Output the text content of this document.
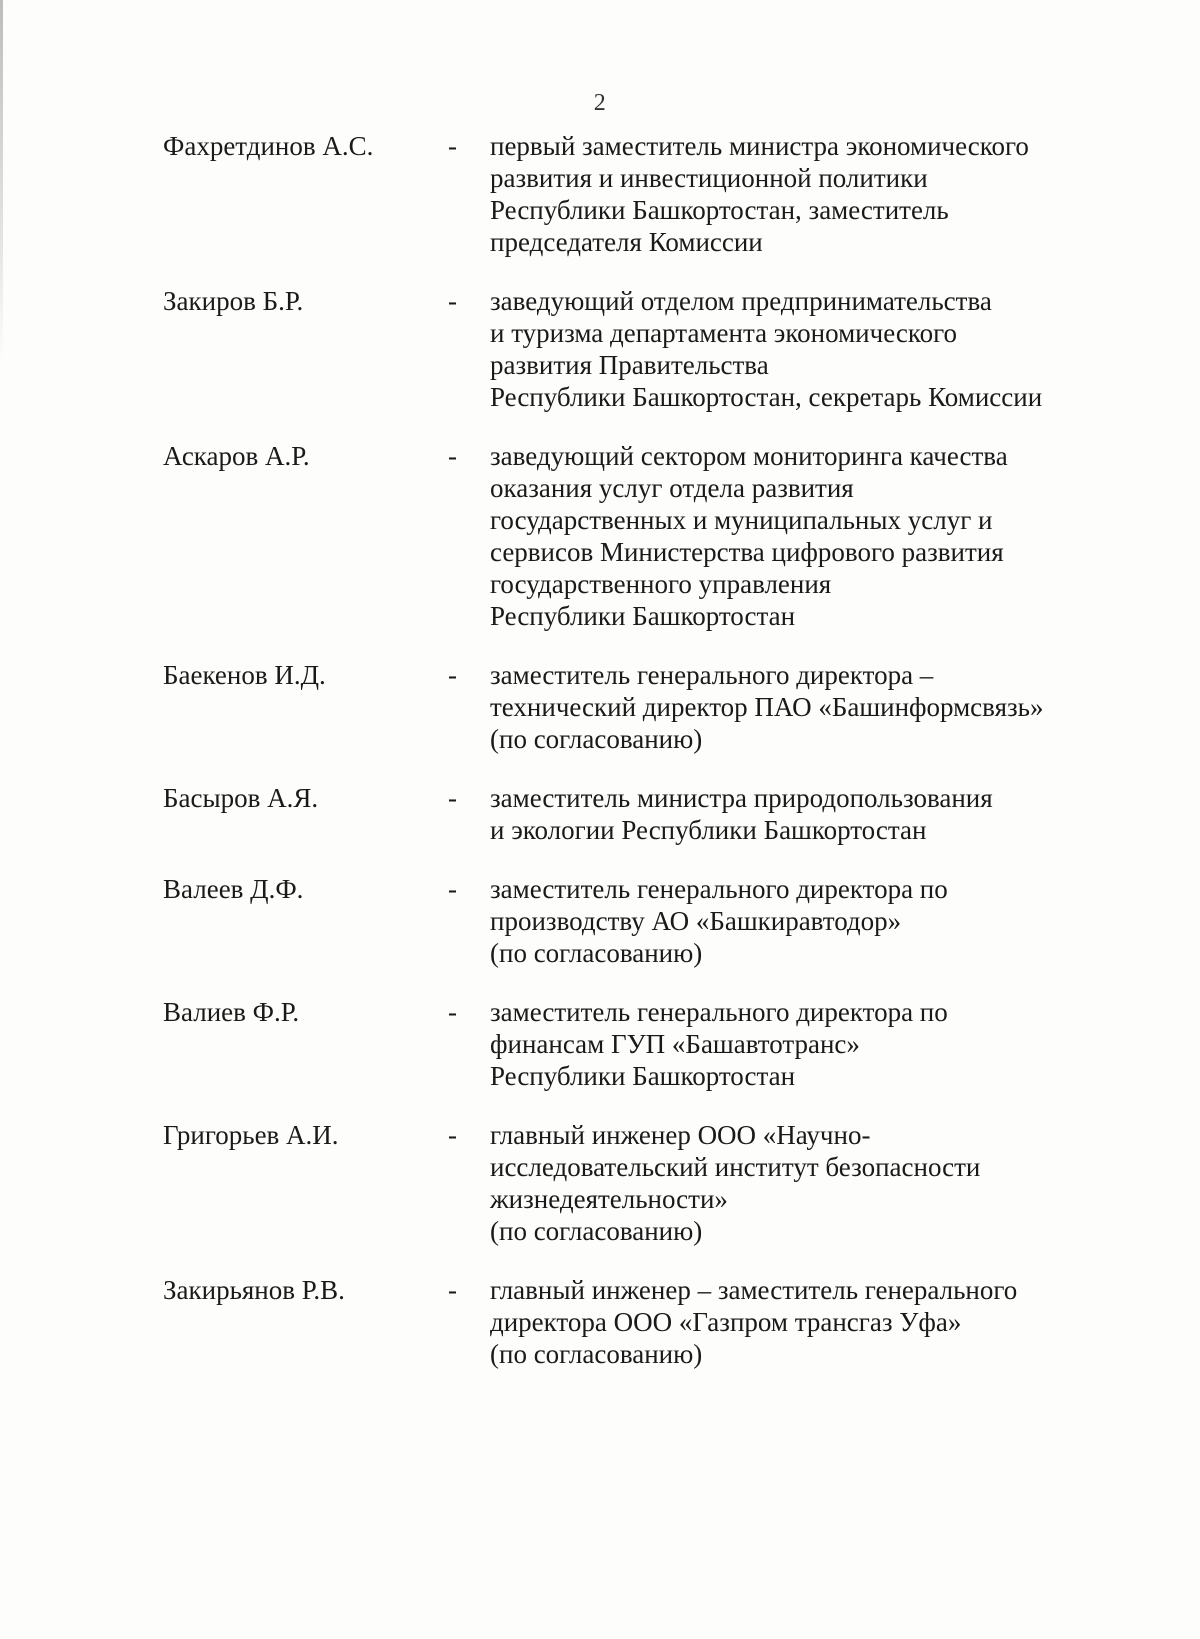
2
Фахретдинов А.С.	-	первый заместитель министра экономического
развития и инвестиционной политики
Республики Башкортостан, заместитель
председателя Комиссии
Закиров Б.Р.	-	заведующий отделом предпринимательства
и туризма департамента экономического
развития Правительства
Республики Башкортостан, секретарь Комиссии
Аскаров А.Р.	-	заведующий сектором мониторинга качества
оказания услуг отдела развития
государственных и муниципальных услуг и
сервисов Министерства цифрового развития
государственного управления
Республики Башкортостан
Баекенов И.Д.	-	заместитель генерального директора –
технический директор ПАО «Башинформсвязь»
(по согласованию)
Басыров А.Я.	-	заместитель министра природопользования
и экологии Республики Башкортостан
Валеев Д.Ф.	-	заместитель генерального директора по
производству АО «Башкиравтодор»
(по согласованию)
Валиев Ф.Р.	-	заместитель генерального директора по
финансам ГУП «Башавтотранс»
Республики Башкортостан
Григорьев А.И.	-	главный инженер ООО «Научно-
исследовательский институт безопасности
жизнедеятельности»
(по согласованию)
Закирьянов Р.В.	-	главный инженер – заместитель генерального
директора ООО «Газпром трансгаз Уфа»
(по согласованию)
